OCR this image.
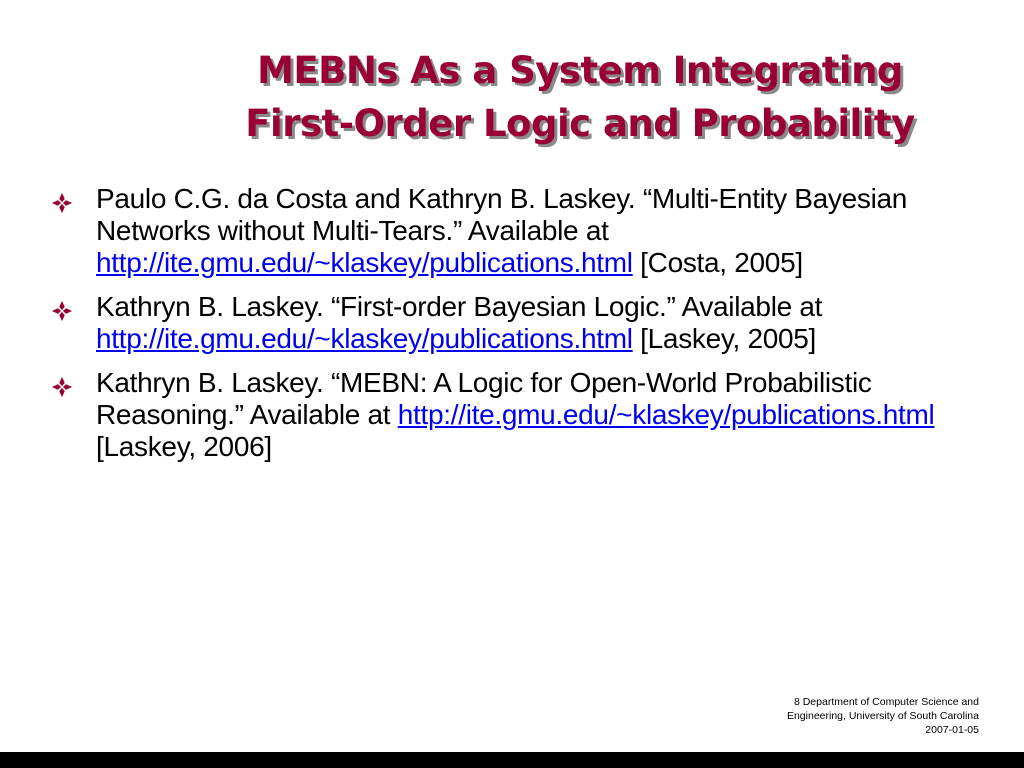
MEBNs As a System Integrating
First-Order Logic and Probability
Paulo C.G. da Costa and Kathryn B. Laskey. “Multi-Entity Bayesian Networks without Multi-Tears.” Available at http://ite.gmu.edu/~klaskey/publications.html [Costa, 2005]
Kathryn B. Laskey. “First-order Bayesian Logic.” Available at http://ite.gmu.edu/~klaskey/publications.html [Laskey, 2005]
Kathryn B. Laskey. “MEBN: A Logic for Open-World Probabilistic Reasoning.” Available at http://ite.gmu.edu/~klaskey/publications.html [Laskey, 2006]
8 Department of Computer Science and
Engineering, University of South Carolina
2007-01-05
